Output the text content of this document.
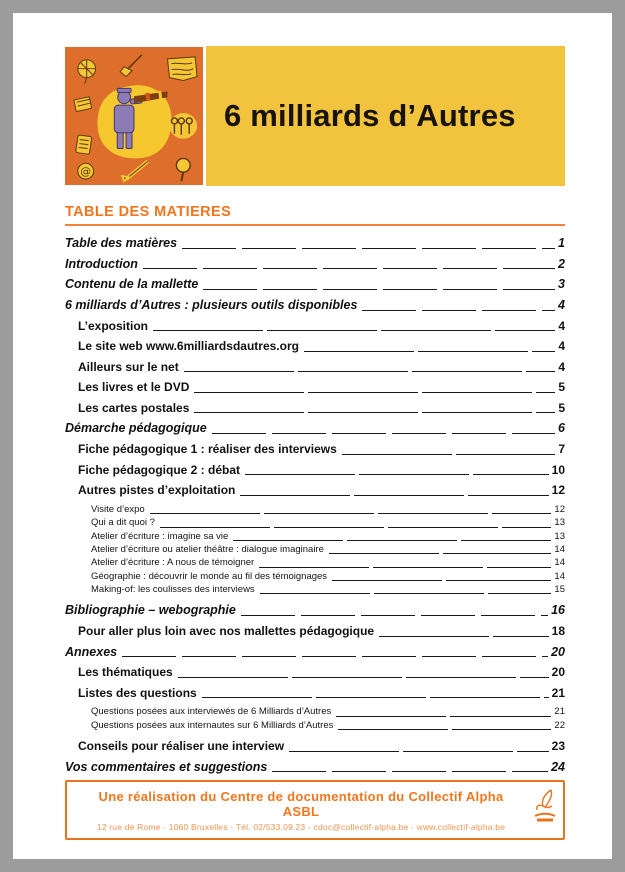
@
6 milliards d’Autres
TABLE DES MATIERES
Table des matières	1
Introduction	2
Contenu de la mallette	3
6 milliards d’Autres : plusieurs outils disponibles	4
L’exposition	4
Le site web www.6milliardsdautres.org	4
Ailleurs sur le net	4
Les livres et le DVD	5
Les cartes postales	5
Démarche pédagogique	6
Fiche pédagogique 1 : réaliser des interviews	7
Fiche pédagogique 2 : débat	10
Autres pistes d’exploitation	12
Visite d’expo	12
Qui a dit quoi ?	13
Atelier d’écriture : imagine sa vie	13
Atelier d’écriture ou atelier théâtre : dialogue imaginaire	14
Atelier d’écriture : A nous de témoigner	14
Géographie : découvrir le monde au fil des témoignages	14
Making-of: les coulisses des interviews	15
Bibliographie – webographie	16
Pour aller plus loin avec nos mallettes pédagogique	18
Annexes	20
Les thématiques	20
Listes des questions	21
Questions posées aux interviewés de 6 Milliards d’Autres	21
Questions posées aux internautes sur 6 Milliards d’Autres	22
Conseils pour réaliser une interview	23
Vos commentaires et suggestions	24
Une réalisation du Centre de documentation du Collectif Alpha ASBL
12 rue de Rome - 1060 Bruxelles - Tél. 02/533.09.23 - cdoc@collectif-alpha.be - www.collectif-alpha.be
